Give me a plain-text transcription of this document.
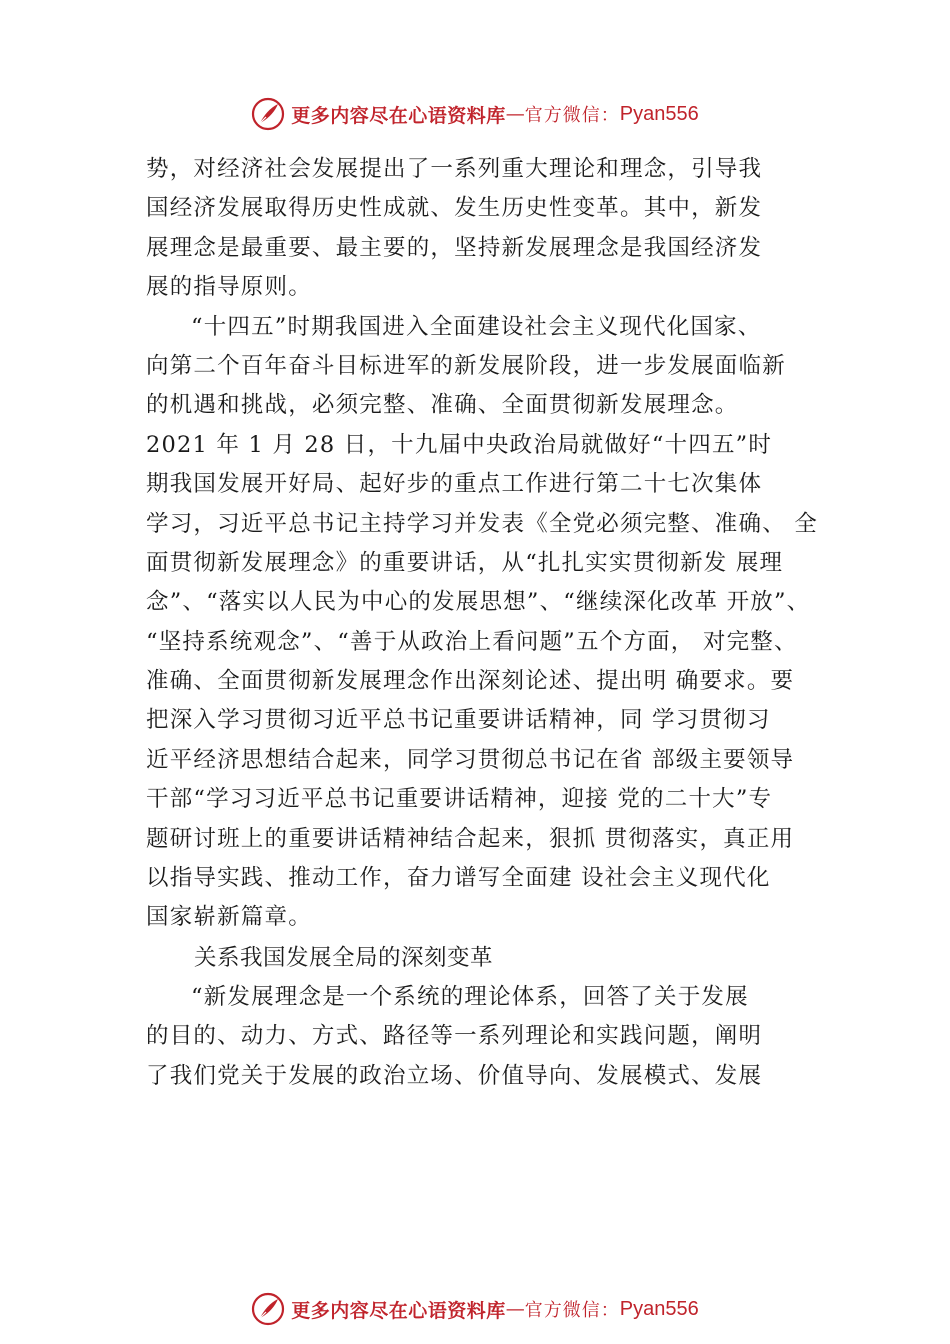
更多内容尽在心语资料库 — 官方微信： Pyan556
势，对经济社会发展提出了一系列重大理论和理念，引导我
国经济发展取得历史性成就、发生历史性变革。其中，新发
展理念是最重要、最主要的，坚持新发展理念是我国经济发
展的指导原则。
“十四五”时期我国进入全面建设社会主义现代化国家、
向第二个百年奋斗目标进军的新发展阶段，进一步发展面临新
的机遇和挑战，必须完整、准确、全面贯彻新发展理念。
2021 年 1 月 28 日，十九届中央政治局就做好“十四五”时
期我国发展开好局、起好步的重点工作进行第二十七次集体
学习，习近平总书记主持学习并发表《全党必须完整、准确、 全
面贯彻新发展理念》的重要讲话，从“扎扎实实贯彻新发 展理
念”、“落实以人民为中心的发展思想”、“继续深化改革 开放”、
“坚持系统观念”、“善于从政治上看问题”五个方面， 对完整、
准确、全面贯彻新发展理念作出深刻论述、提出明 确要求。要
把深入学习贯彻习近平总书记重要讲话精神，同 学习贯彻习
近平经济思想结合起来，同学习贯彻总书记在省 部级主要领导
干部“学习习近平总书记重要讲话精神，迎接 党的二十大”专
题研讨班上的重要讲话精神结合起来，狠抓 贯彻落实，真正用
以指导实践、推动工作，奋力谱写全面建 设社会主义现代化
国家崭新篇章。
关系我国发展全局的深刻变革
“新发展理念是一个系统的理论体系，回答了关于发展
的目的、动力、方式、路径等一系列理论和实践问题，阐明
了我们党关于发展的政治立场、价值导向、发展模式、发展
更多内容尽在心语资料库 — 官方微信： Pyan556
